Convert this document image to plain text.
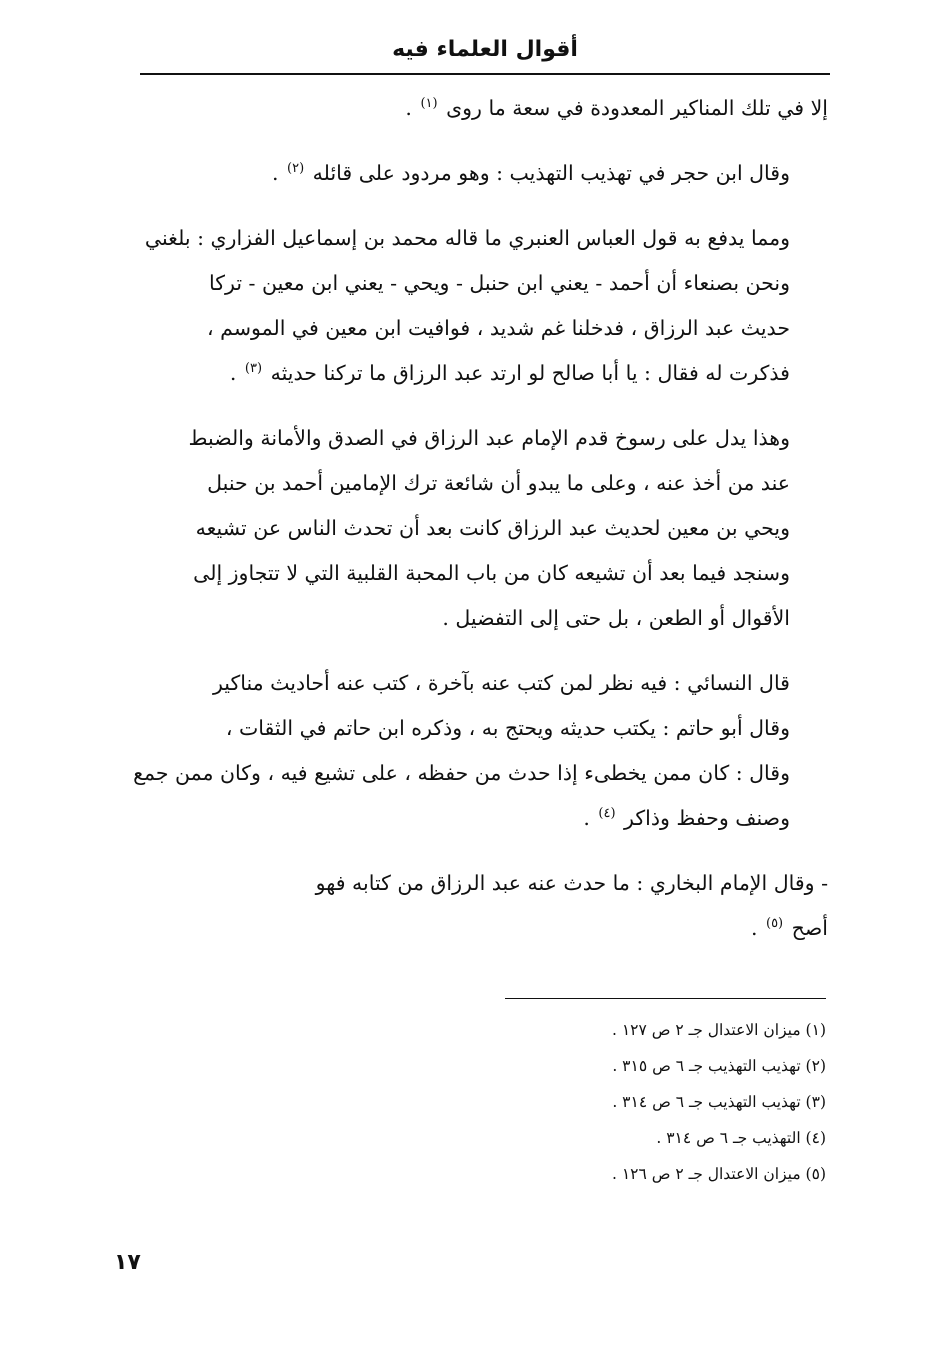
أقوال العلماء فيه

إلا في تلك المناكير المعدودة في سعة ما روى $^{(١)}$ .

وقال ابن حجر في تهذيب التهذيب : وهو مردود على قائله $^{(٢)}$ .

ومما يدفع به قول العباس العنبري ما قاله محمد بن إسماعيل الفزاري : بلغني
ونحن بصنعاء أن أحمد - يعني ابن حنبل - ويحي - يعني ابن معين - تركا
حديث عبد الرزاق ، فدخلنا غم شديد ، فوافيت ابن معين في الموسم ،
فذكرت له فقال : يا أبا صالح لو ارتد عبد الرزاق ما تركنا حديثه $^{(٣)}$ .

وهذا يدل على رسوخ قدم الإمام عبد الرزاق في الصدق والأمانة والضبط
عند من أخذ عنه ، وعلى ما يبدو أن شائعة ترك الإمامين أحمد بن حنبل
ويحي بن معين لحديث عبد الرزاق كانت بعد أن تحدث الناس عن تشيعه
وسنجد فيما بعد أن تشيعه كان من باب المحبة القلبية التي لا تتجاوز إلى
الأقوال أو الطعن ، بل حتى إلى التفضيل .

قال النسائي : فيه نظر لمن كتب عنه بآخرة ، كتب عنه أحاديث مناكير
وقال أبو حاتم : يكتب حديثه ويحتج به ، وذكره ابن حاتم في الثقات ،
وقال : كان ممن يخطىء إذا حدث من حفظه ، على تشيع فيه ، وكان ممن جمع
وصنف وحفظ وذاكر $^{(٤)}$ .

- وقال الإمام البخاري : ما حدث عنه عبد الرزاق من كتابه فهو
أصح $^{(٥)}$ .

(١) ميزان الاعتدال جـ ٢ ص ١٢٧ .
(٢) تهذيب التهذيب جـ ٦ ص ٣١٥ .
(٣) تهذيب التهذيب جـ ٦ ص ٣١٤ .
(٤) التهذيب جـ ٦ ص ٣١٤ .
(٥) ميزان الاعتدال جـ ٢ ص ١٢٦ .
١٧
